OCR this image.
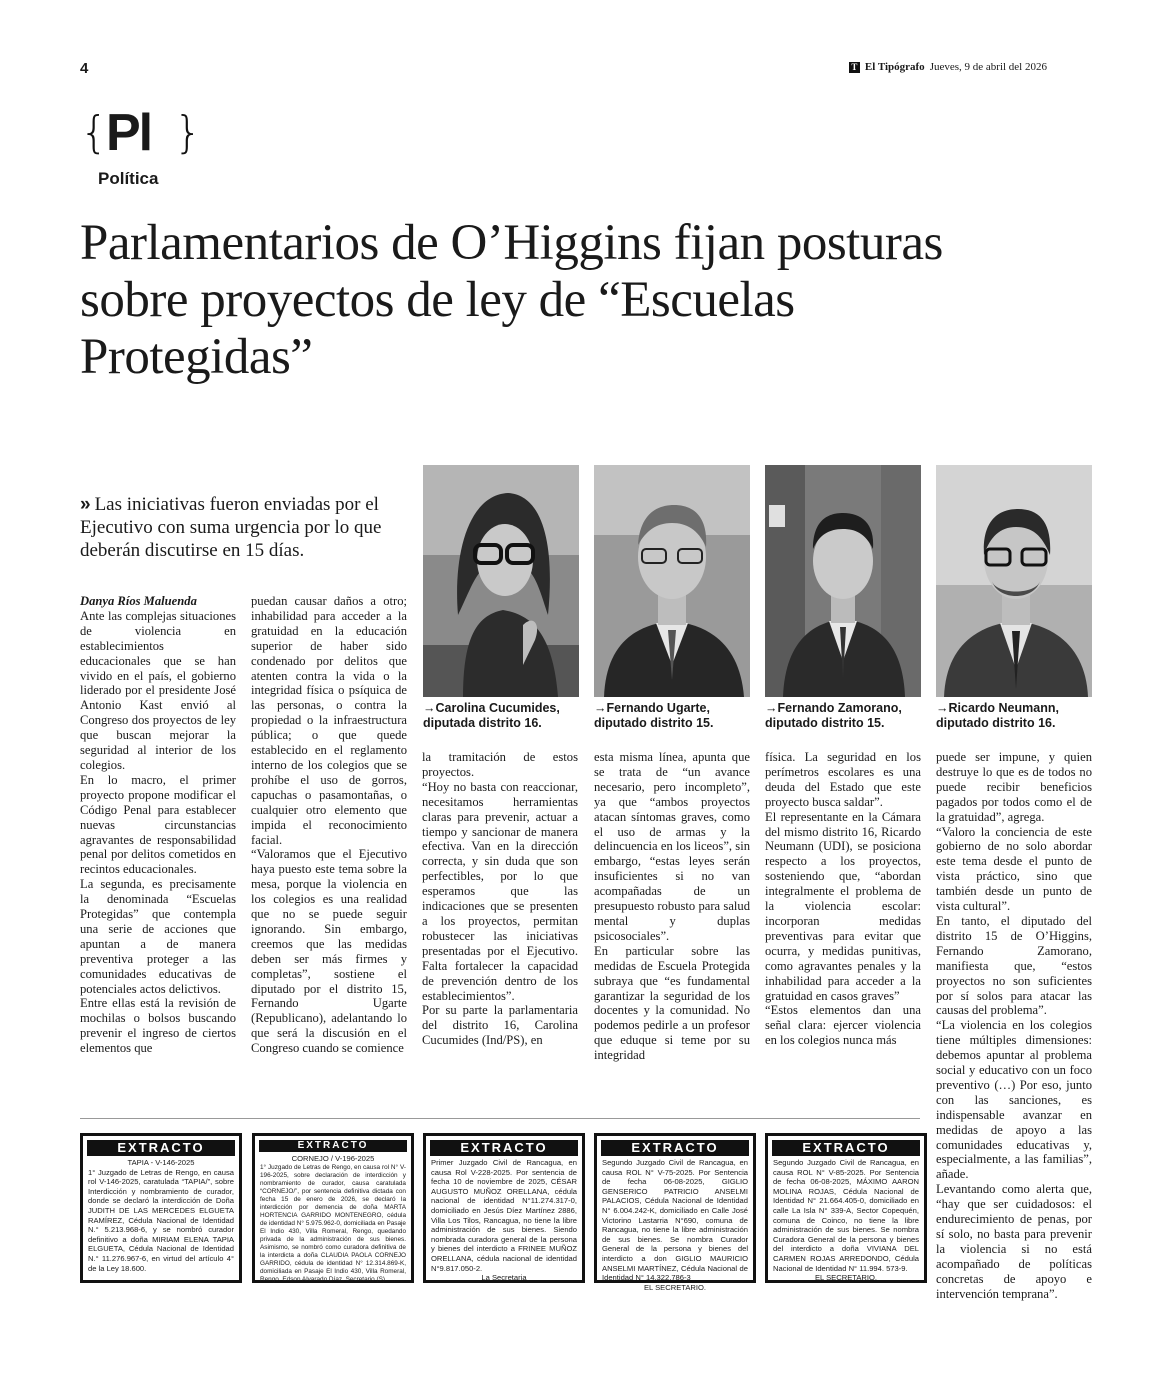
4	T El Tipógrafo Jueves, 9 de abril del 2026
{
Pl }
Política
Parlamentarios de O’Higgins fijan posturas sobre proyectos de ley de “Escuelas Protegidas”
» Las iniciativas fueron enviadas por el Ejecutivo con suma urgencia por lo que deberán discutirse en 15 días.
→Carolina Cucumides,
diputada distrito 16.
→Fernando Ugarte,
diputado distrito 15.
→Fernando Zamorano,
diputado distrito 15.
→Ricardo Neumann,
diputado distrito 16.

Danya Ríos Maluenda

Ante las complejas situaciones de violencia en establecimientos educacionales que se han vivido en el país, el gobierno liderado por el presidente José Antonio Kast envió al Congreso dos proyectos de ley que buscan mejorar la seguridad al interior de los colegios.

En lo macro, el primer proyecto propone modificar el Código Penal para establecer nuevas circunstancias agravantes de responsabilidad penal por delitos cometidos en recintos educacionales.

La segunda, es precisamente la denominada “Escuelas Protegidas” que contempla una serie de acciones que apuntan a de manera preventiva proteger a las comunidades educativas de potenciales actos delictivos.

Entre ellas está la revisión de mochilas o bolsos buscando prevenir el ingreso de ciertos elementos que

puedan causar daños a otro; inhabilidad para acceder a la gratuidad en la educación superior de haber sido condenado por delitos que atenten contra la vida o la integridad física o psíquica de las personas, o contra la propiedad o la infraestructura pública; o que quede establecido en el reglamento interno de los colegios que se prohíbe el uso de gorros, capuchas o pasamontañas, o cualquier otro elemento que impida el reconocimiento facial.

“Valoramos que el Ejecutivo haya puesto este tema sobre la mesa, porque la violencia en los colegios es una realidad que no se puede seguir ignorando. Sin embargo, creemos que las medidas deben ser más firmes y completas”, sostiene el diputado por el distrito 15, Fernando Ugarte (Republicano), adelantando lo que será la discusión en el Congreso cuando se comience

la tramitación de estos proyectos.

“Hoy no basta con reaccionar, necesitamos herramientas claras para prevenir, actuar a tiempo y sancionar de manera efectiva. Van en la dirección correcta, y sin duda que son perfectibles, por lo que esperamos que las indicaciones que se presenten a los proyectos, permitan robustecer las iniciativas presentadas por el Ejecutivo. Falta fortalecer la capacidad de prevención dentro de los establecimientos”.

Por su parte la parlamentaria del distrito 16, Carolina Cucumides (Ind/PS), en

esta misma línea, apunta que se trata de “un avance necesario, pero incompleto”, ya que “ambos proyectos atacan síntomas graves, como el uso de armas y la delincuencia en los liceos”, sin embargo, “estas leyes serán insuficientes si no van acompañadas de un presupuesto robusto para salud mental y duplas psicosociales”.

En particular sobre las medidas de Escuela Protegida subraya que “es fundamental garantizar la seguridad de los docentes y la comunidad. No podemos pedirle a un profesor que eduque si teme por su integridad

física. La seguridad en los perímetros escolares es una deuda del Estado que este proyecto busca saldar”.

El representante en la Cámara del mismo distrito 16, Ricardo Neumann (UDI), se posiciona respecto a los proyectos, sosteniendo que, “abordan integralmente el problema de la violencia escolar: incorporan medidas preventivas para evitar que ocurra, y medidas punitivas, como agravantes penales y la inhabilidad para acceder a la gratuidad en casos graves”

“Estos elementos dan una señal clara: ejercer violencia en los colegios nunca más

puede ser impune, y quien destruye lo que es de todos no puede recibir beneficios pagados por todos como el de la gratuidad”, agrega.

“Valoro la conciencia de este gobierno de no solo abordar este tema desde el punto de vista práctico, sino que también desde un punto de vista cultural”.

En tanto, el diputado del distrito 15 de O’Higgins, Fernando Zamorano, manifiesta que, “estos proyectos no son suficientes por sí solos para atacar las causas del problema”.

“La violencia en los colegios tiene múltiples dimensiones: debemos apuntar al problema social y educativo con un foco preventivo (…) Por eso, junto con las sanciones, es indispensable avanzar en medidas de apoyo a las comunidades educativas y, especialmente, a las familias”, añade.

Levantando como alerta que, “hay que ser cuidadosos: el endurecimiento de penas, por sí solo, no basta para prevenir la violencia si no está acompañado de políticas concretas de apoyo e intervención temprana”.

EXTRACTO
TAPIA - V-146-2025
1° Juzgado de Letras de Rengo, en causa rol V-146-2025, caratulada “TAPIA/”, sobre Interdicción y nombramiento de curador, donde se declaró la interdicción de Doña JUDITH DE LAS MERCEDES ELGUETA RAMÍREZ, Cédula Nacional de Identidad N.° 5.213.968-6, y se nombró curador definitivo a doña MIRIAM ELENA TAPIA ELGUETA, Cédula Nacional de Identidad N.° 11.276.967-6, en virtud del artículo 4° de la Ley 18.600.
EXTRACTO
CORNEJO / V-196-2025
1° Juzgado de Letras de Rengo, en causa rol N° V-196-2025, sobre declaración de interdicción y nombramiento de curador, causa caratulada “CORNEJO/”, por sentencia definitiva dictada con fecha 15 de enero de 2026, se declaró la interdicción por demencia de doña MARTA HORTENCIA GARRIDO MONTENEGRO, cédula de identidad N° 5.975.962-0, domiciliada en Pasaje El Indio 430, Villa Romeral, Rengo, quedando privada de la administración de sus bienes. Asimismo, se nombró como curadora definitiva de la interdicta a doña CLAUDIA PAOLA CORNEJO GARRIDO, cédula de identidad N° 12.314.869-K, domiciliada en Pasaje El Indio 430, Villa Romeral, Rengo. Edson Alvarado Díaz, Secretario (S).
EXTRACTO
Primer Juzgado Civil de Rancagua, en causa Rol V-228-2025. Por sentencia de fecha 10 de noviembre de 2025, CÉSAR AUGUSTO MUÑOZ ORELLANA, cédula nacional de identidad N°11.274.317-0, domiciliado en Jesús Díez Martínez 2886, Villa Los Tilos, Rancagua, no tiene la libre administración de sus bienes. Siendo nombrada curadora general de la persona y bienes del interdicto a FRINEE MUÑOZ ORELLANA, cédula nacional de identidad N°9.817.050-2.
La Secretaria
EXTRACTO
Segundo Juzgado Civil de Rancagua, en causa ROL N° V-75-2025. Por Sentencia de fecha 06-08-2025, GIGLIO GENSERICO PATRICIO ANSELMI PALACIOS, Cédula Nacional de Identidad N° 6.004.242-K, domiciliado en Calle José Victorino Lastarria N°690, comuna de Rancagua, no tiene la libre administración de sus bienes. Se nombra Curador General de la persona y bienes del interdicto a don GIGLIO MAURICIO ANSELMI MARTÍNEZ, Cédula Nacional de Identidad N° 14.322.786-3
EL SECRETARIO.
EXTRACTO
Segundo Juzgado Civil de Rancagua, en causa ROL N° V-85-2025. Por Sentencia de fecha 06-08-2025, MÁXIMO AARON MOLINA ROJAS, Cédula Nacional de Identidad N° 21.664.405-0, domiciliado en calle La Isla N° 339-A, Sector Copequén, comuna de Coinco, no tiene la libre administración de sus bienes. Se nombra Curadora General de la persona y bienes del interdicto a doña VIVIANA DEL CARMEN ROJAS ARREDONDO, Cédula Nacional de Identidad N° 11.994. 573-9.
EL SECRETARIO.
